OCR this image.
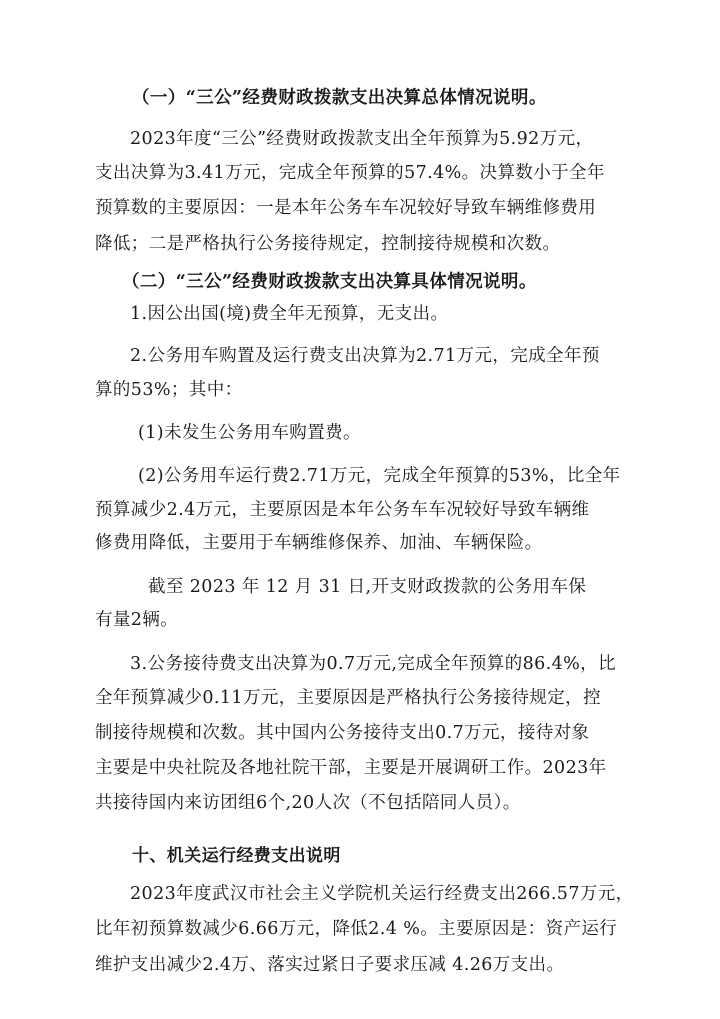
（一）“三公”经费财政拨款支出决算总体情况说明。
2023年度“三公”经费财政拨款支出全年预算为5.92万元，
支出决算为3.41万元，完成全年预算的57.4%。决算数小于全年
预算数的主要原因：一是本年公务车车况较好导致车辆维修费用
降低；二是严格执行公务接待规定，控制接待规模和次数。
（二）“三公”经费财政拨款支出决算具体情况说明。
1.因公出国(境)费全年无预算，无支出。
2.公务用车购置及运行费支出决算为2.71万元，完成全年预
算的53%；其中：
(1)未发生公务用车购置费。
(2)公务用车运行费2.71万元，完成全年预算的53%，比全年
预算减少2.4万元，主要原因是本年公务车车况较好导致车辆维
修费用降低，主要用于车辆维修保养、加油、车辆保险。
截至 2023 年 12 月 31 日,开支财政拨款的公务用车保
有量2辆。
3.公务接待费支出决算为0.7万元,完成全年预算的86.4%，比
全年预算减少0.11万元，主要原因是严格执行公务接待规定，控
制接待规模和次数。其中国内公务接待支出0.7万元，接待对象
主要是中央社院及各地社院干部，主要是开展调研工作。2023年
共接待国内来访团组6个,20人次（不包括陪同人员）。
十、机关运行经费支出说明
2023年度武汉市社会主义学院机关运行经费支出266.57万元，
比年初预算数减少6.66万元，降低2.4 %。主要原因是：资产运行
维护支出减少2.4万、落实过紧日子要求压减 4.26万支出。
